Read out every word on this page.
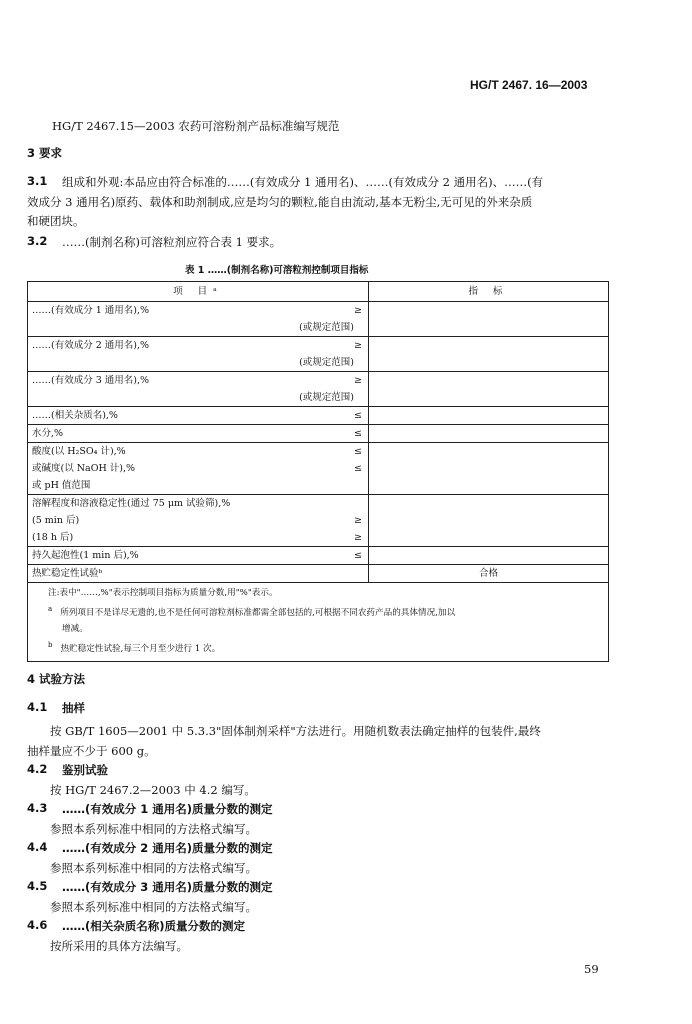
HG/T 2467. 16—2003
HG/T 2467.15—2003 农药可溶粉剂产品标准编写规范
3 要求
3.1 组成和外观:本品应由符合标准的……(有效成分 1 通用名)、……(有效成分 2 通用名)、……(有
效成分 3 通用名)原药、载体和助剂制成,应是均匀的颗粒,能自由流动,基本无粉尘,无可见的外来杂质
和硬团块。
3.2 ……(制剂名称)可溶粒剂应符合表 1 要求。
表 1 ……(制剂名称)可溶粒剂控制项目指标
项 目ᵃ	指 标

……(有效成分 1 通用名),% ≥
(或规定范围)	

……(有效成分 2 通用名),% ≥
(或规定范围)	

……(有效成分 3 通用名),% ≥
(或规定范围)	

……(相关杂质名),% ≤	

水分,% ≤	

酸度(以 H₂SO₄ 计),% ≤
或碱度(以 NaOH 计),% ≤
或 pH 值范围	

溶解程度和溶液稳定性(通过 75 μm 试验筛),%
(5 min 后) ≥
(18 h 后) ≥	

持久起泡性(1 min 后),% ≤	

热贮稳定性试验ᵇ	合格

注:表中"……,%"表示控制项目指标为质量分数,用"%"表示。
$^a$ 所列项目不是详尽无遗的,也不是任何可溶粒剂标准都需全部包括的,可根据不同农药产品的具体情况,加以
增减。
$^b$ 热贮稳定性试验,每三个月至少进行 1 次。	
4 试验方法
4.1 抽样
按 GB/T 1605—2001 中 5.3.3"固体制剂采样"方法进行。用随机数表法确定抽样的包装件,最终
抽样量应不少于 600 g。
4.2 鉴别试验
按 HG/T 2467.2—2003 中 4.2 编写。
4.3 ……(有效成分 1 通用名)质量分数的测定
参照本系列标准中相同的方法格式编写。
4.4 ……(有效成分 2 通用名)质量分数的测定
参照本系列标准中相同的方法格式编写。
4.5 ……(有效成分 3 通用名)质量分数的测定
参照本系列标准中相同的方法格式编写。
4.6 ……(相关杂质名称)质量分数的测定
按所采用的具体方法编写。
59
